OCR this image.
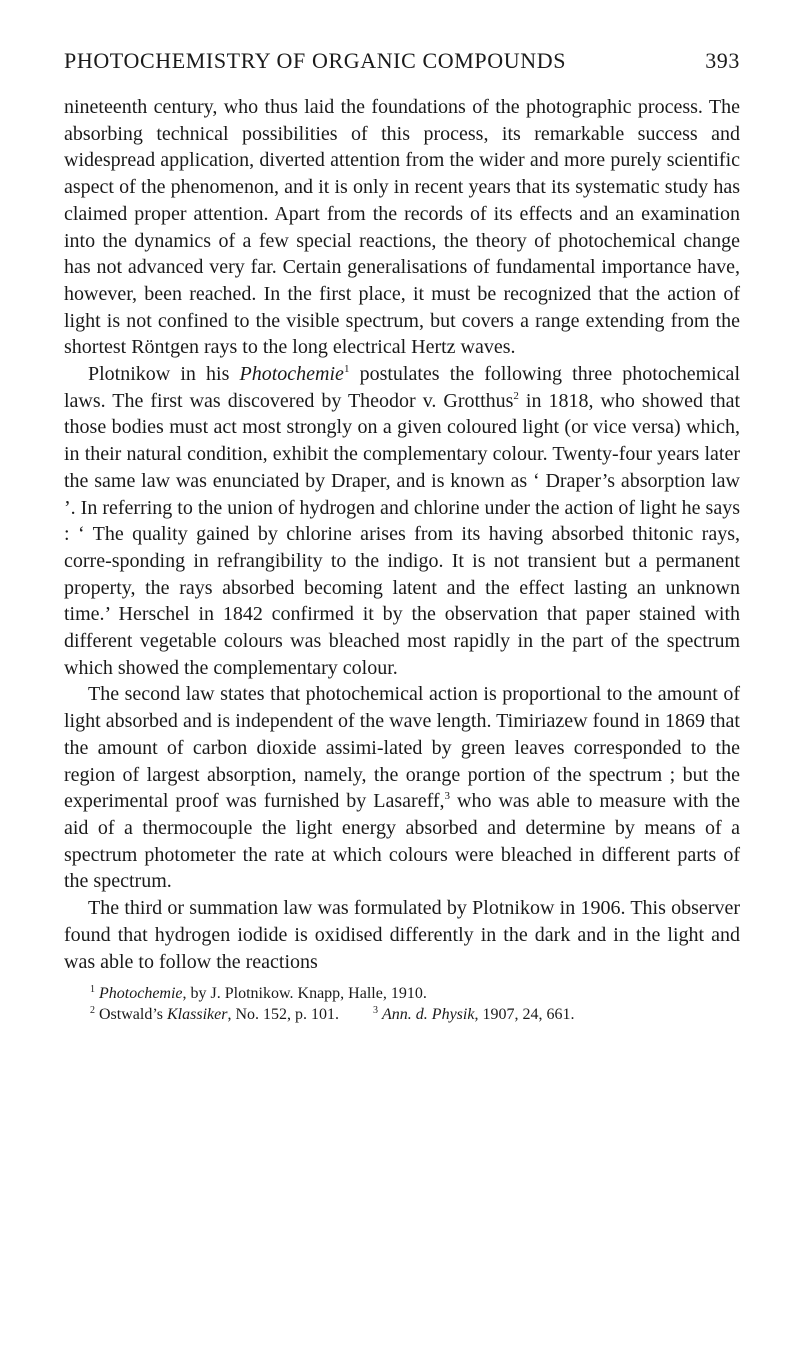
PHOTOCHEMISTRY OF ORGANIC COMPOUNDS	393

nineteenth century, who thus laid the foundations of the photographic process. The absorbing technical possibilities of this process, its remarkable success and widespread application, diverted attention from the wider and more purely scientific aspect of the phenomenon, and it is only in recent years that its systematic study has claimed proper attention. Apart from the records of its effects and an examination into the dynamics of a few special reactions, the theory of photochemical change has not advanced very far. Certain generalisations of fundamental importance have, however, been reached. In the first place, it must be recognized that the action of light is not confined to the visible spectrum, but covers a range extending from the shortest Röntgen rays to the long electrical Hertz waves.

Plotnikow in his Photochemie$^1$ postulates the following three photochemical laws. The first was discovered by Theodor v. Grotthus$^2$ in 1818, who showed that those bodies must act most strongly on a given coloured light (or vice versa) which, in their natural condition, exhibit the complementary colour. Twenty-four years later the same law was enunciated by Draper, and is known as ‘ Draper’s absorption law ’. In referring to the union of hydrogen and chlorine under the action of light he says : ‘ The quality gained by chlorine arises from its having absorbed thitonic rays, corre-sponding in refrangibility to the indigo. It is not transient but a permanent property, the rays absorbed becoming latent and the effect lasting an unknown time.’ Herschel in 1842 confirmed it by the observation that paper stained with different vegetable colours was bleached most rapidly in the part of the spectrum which showed the complementary colour.

The second law states that photochemical action is proportional to the amount of light absorbed and is independent of the wave length. Timiriazew found in 1869 that the amount of carbon dioxide assimi-lated by green leaves corresponded to the region of largest absorption, namely, the orange portion of the spectrum ; but the experimental proof was furnished by Lasareff,$^3$ who was able to measure with the aid of a thermocouple the light energy absorbed and determine by means of a spectrum photometer the rate at which colours were bleached in different parts of the spectrum.

The third or summation law was formulated by Plotnikow in 1906. This observer found that hydrogen iodide is oxidised differently in the dark and in the light and was able to follow the reactions

$^1$ Photochemie, by J. Plotnikow. Knapp, Halle, 1910.
$^2$ Ostwald’s Klassiker, No. 152, p. 101.	$^3$ Ann. d. Physik, 1907, 24, 661.
